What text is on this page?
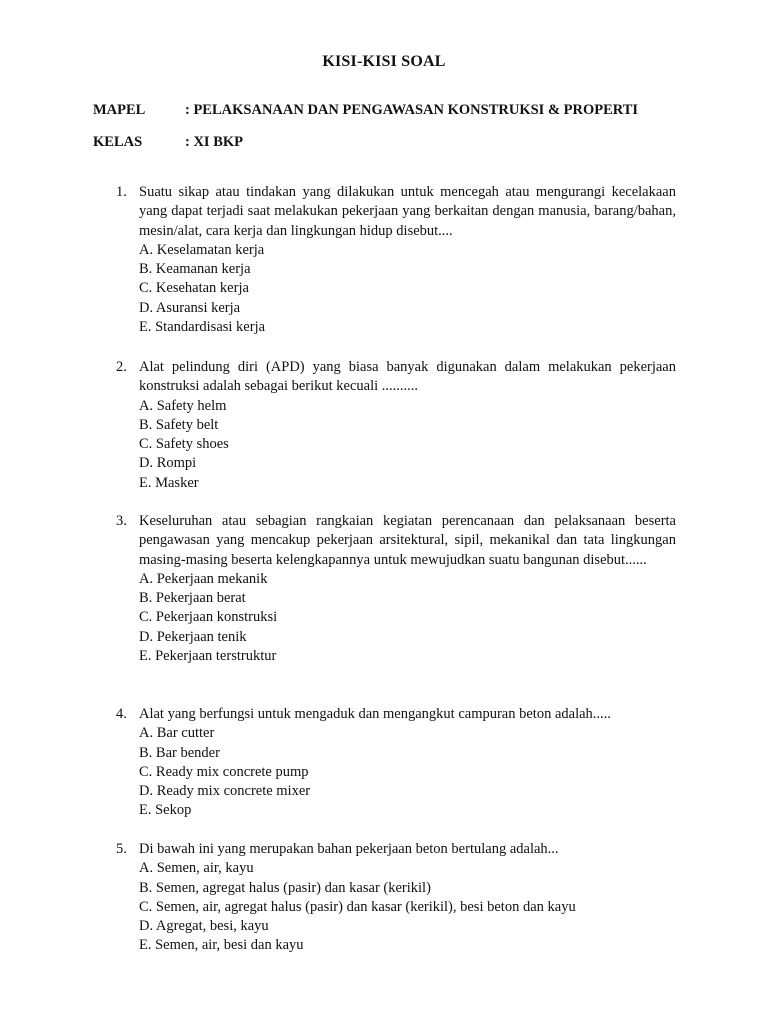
KISI-KISI SOAL
MAPEL	: PELAKSANAAN DAN PENGAWASAN KONSTRUKSI & PROPERTI
KELAS	: XI BKP
1. Suatu sikap atau tindakan yang dilakukan untuk mencegah atau mengurangi kecelakaan yang dapat terjadi saat melakukan pekerjaan yang berkaitan dengan manusia, barang/bahan, mesin/alat, cara kerja dan lingkungan hidup disebut....
A. Keselamatan kerja
B. Keamanan kerja
C. Kesehatan kerja
D. Asuransi kerja
E. Standardisasi kerja
2. Alat pelindung diri (APD) yang biasa banyak digunakan dalam melakukan pekerjaan konstruksi adalah sebagai berikut kecuali ..........
A. Safety helm
B. Safety belt
C. Safety shoes
D. Rompi
E. Masker
3. Keseluruhan atau sebagian rangkaian kegiatan perencanaan dan pelaksanaan beserta pengawasan yang mencakup pekerjaan arsitektural, sipil, mekanikal dan tata lingkungan masing-masing beserta kelengkapannya untuk mewujudkan suatu bangunan disebut......
A. Pekerjaan mekanik
B. Pekerjaan berat
C. Pekerjaan konstruksi
D. Pekerjaan tenik
E. Pekerjaan terstruktur
4. Alat yang berfungsi untuk mengaduk dan mengangkut campuran beton adalah.....
A. Bar cutter
B. Bar bender
C. Ready mix concrete pump
D. Ready mix concrete mixer
E. Sekop
5. Di bawah ini yang merupakan bahan pekerjaan beton bertulang adalah...
A. Semen, air, kayu
B. Semen, agregat halus (pasir) dan kasar (kerikil)
C. Semen, air, agregat halus (pasir) dan kasar (kerikil), besi beton dan kayu
D. Agregat, besi, kayu
E. Semen, air, besi dan kayu
